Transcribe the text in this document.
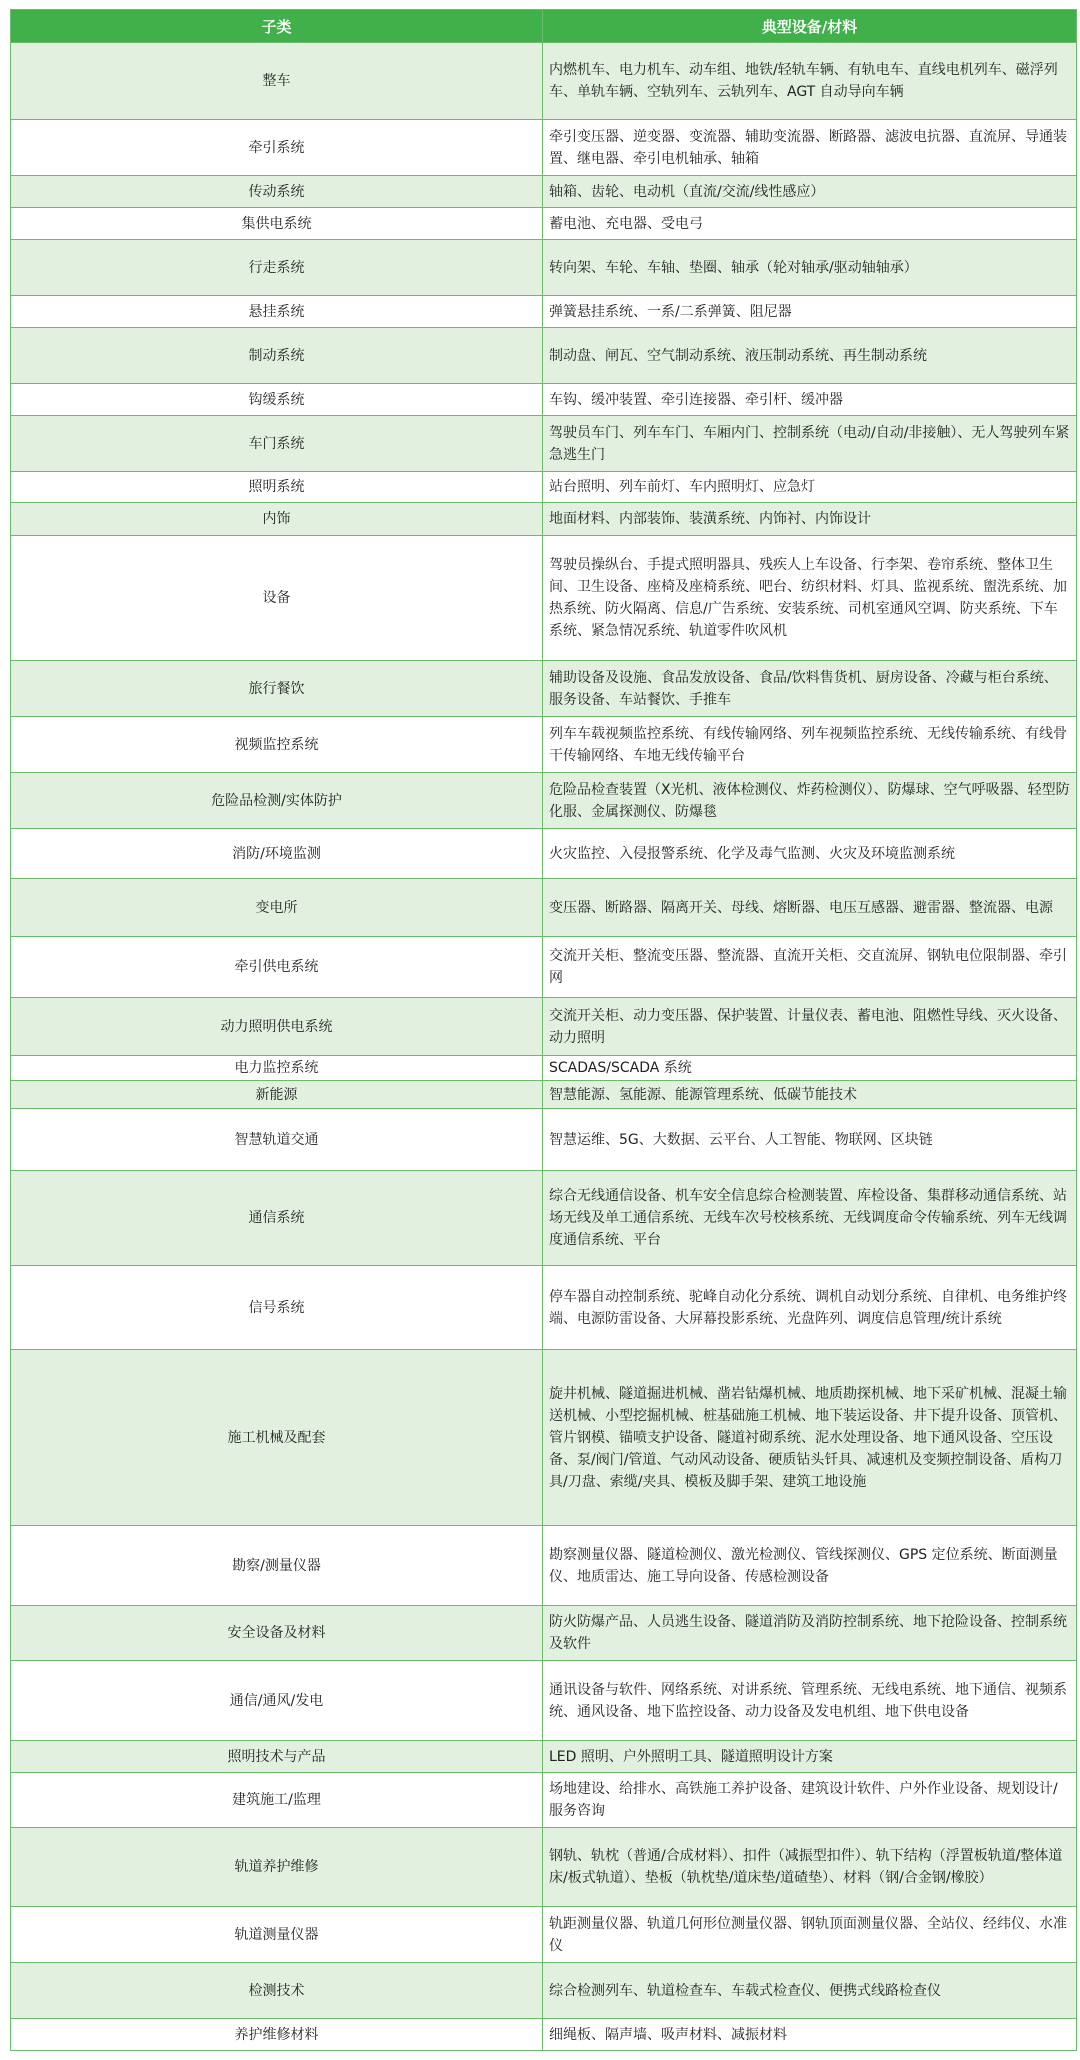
子类	典型设备/材料
整车	内燃机车、电力机车、动车组、地铁/轻轨车辆、有轨电车、直线电机列车、磁浮列车、单轨车辆、空轨列车、云轨列车、AGT 自动导向车辆
牵引系统	牵引变压器、逆变器、变流器、辅助变流器、断路器、滤波电抗器、直流屏、导通装置、继电器、牵引电机轴承、轴箱
传动系统	轴箱、齿轮、电动机（直流/交流/线性感应）
集供电系统	蓄电池、充电器、受电弓
行走系统	转向架、车轮、车轴、垫圈、轴承（轮对轴承/驱动轴轴承）
悬挂系统	弹簧悬挂系统、一系/二系弹簧、阻尼器
制动系统	制动盘、闸瓦、空气制动系统、液压制动系统、再生制动系统
钩缓系统	车钩、缓冲装置、牵引连接器、牵引杆、缓冲器
车门系统	驾驶员车门、列车车门、车厢内门、控制系统（电动/自动/非接触）、无人驾驶列车紧急逃生门
照明系统	站台照明、列车前灯、车内照明灯、应急灯
内饰	地面材料、内部装饰、装潢系统、内饰衬、内饰设计
设备	驾驶员操纵台、手提式照明器具、残疾人上车设备、行李架、卷帘系统、整体卫生间、卫生设备、座椅及座椅系统、吧台、纺织材料、灯具、监视系统、盥洗系统、加热系统、防火隔离、信息/广告系统、安装系统、司机室通风空调、防夹系统、下车系统、紧急情况系统、轨道零件吹风机
旅行餐饮	辅助设备及设施、食品发放设备、食品/饮料售货机、厨房设备、冷藏与柜台系统、服务设备、车站餐饮、手推车
视频监控系统	列车车载视频监控系统、有线传输网络、列车视频监控系统、无线传输系统、有线骨干传输网络、车地无线传输平台
危险品检测/实体防护	危险品检查装置（X光机、液体检测仪、炸药检测仪）、防爆球、空气呼吸器、轻型防化服、金属探测仪、防爆毯
消防/环境监测	火灾监控、入侵报警系统、化学及毒气监测、火灾及环境监测系统
变电所	变压器、断路器、隔离开关、母线、熔断器、电压互感器、避雷器、整流器、电源
牵引供电系统	交流开关柜、整流变压器、整流器、直流开关柜、交直流屏、钢轨电位限制器、牵引网
动力照明供电系统	交流开关柜、动力变压器、保护装置、计量仪表、蓄电池、阻燃性导线、灭火设备、动力照明
电力监控系统	SCADAS/SCADA 系统
新能源	智慧能源、氢能源、能源管理系统、低碳节能技术
智慧轨道交通	智慧运维、5G、大数据、云平台、人工智能、物联网、区块链
通信系统	综合无线通信设备、机车安全信息综合检测装置、库检设备、集群移动通信系统、站场无线及单工通信系统、无线车次号校核系统、无线调度命令传输系统、列车无线调度通信系统、平台
信号系统	停车器自动控制系统、驼峰自动化分系统、调机自动划分系统、自律机、电务维护终端、电源防雷设备、大屏幕投影系统、光盘阵列、调度信息管理/统计系统
施工机械及配套	旋井机械、隧道掘进机械、凿岩钻爆机械、地质勘探机械、地下采矿机械、混凝土输送机械、小型挖掘机械、桩基础施工机械、地下装运设备、井下提升设备、顶管机、管片钢模、锚喷支护设备、隧道衬砌系统、泥水处理设备、地下通风设备、空压设备、泵/阀门/管道、气动风动设备、硬质钻头钎具、减速机及变频控制设备、盾构刀具/刀盘、索缆/夹具、模板及脚手架、建筑工地设施
勘察/测量仪器	勘察测量仪器、隧道检测仪、激光检测仪、管线探测仪、GPS 定位系统、断面测量仪、地质雷达、施工导向设备、传感检测设备
安全设备及材料	防火防爆产品、人员逃生设备、隧道消防及消防控制系统、地下抢险设备、控制系统及软件
通信/通风/发电	通讯设备与软件、网络系统、对讲系统、管理系统、无线电系统、地下通信、视频系统、通风设备、地下监控设备、动力设备及发电机组、地下供电设备
照明技术与产品	LED 照明、户外照明工具、隧道照明设计方案
建筑施工/监理	场地建设、给排水、高铁施工养护设备、建筑设计软件、户外作业设备、规划设计/服务咨询
轨道养护维修	钢轨、轨枕（普通/合成材料）、扣件（减振型扣件）、轨下结构（浮置板轨道/整体道床/板式轨道）、垫板（轨枕垫/道床垫/道碴垫）、材料（钢/合金钢/橡胶）
轨道测量仪器	轨距测量仪器、轨道几何形位测量仪器、钢轨顶面测量仪器、全站仪、经纬仪、水准仪
检测技术	综合检测列车、轨道检查车、车载式检查仪、便携式线路检查仪
养护维修材料	细绳板、隔声墙、吸声材料、减振材料
